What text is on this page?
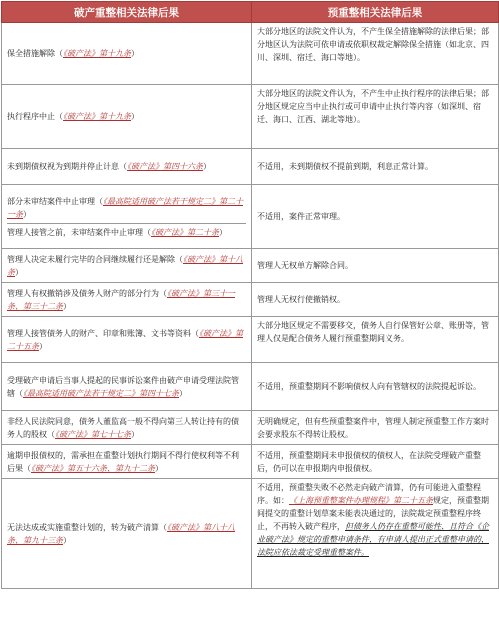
破产重整相关法律后果	预重整相关法律后果
保全措施解除（《破产法》第十九条）	大部分地区的法院文件认为，不产生保全措施解除的法律后果；部分地区认为法院可依申请或依职权裁定解除保全措施（如北京、四川、深圳、宿迁、海口等地）。
执行程序中止（《破产法》第十九条）	大部分地区的法院文件认为，不产生中止执行程序的法律后果；部分地区规定应当中止执行或可申请中止执行等内容（如深圳、宿迁、海口、江西、湖北等地）。
未到期债权视为到期并停止计息（《破产法》第四十六条）	不适用，未到期债权不提前到期，利息正常计算。

部分未审结案件中止审理（《最高院适用破产法若干规定二》第二十一条）
管理人接管之前，未审结案件中止审理（《破产法》第二十条）	不适用，案件正常审理。
管理人决定未履行完毕的合同继续履行还是解除（《破产法》第十八条）	管理人无权单方解除合同。
管理人有权撤销涉及债务人财产的部分行为（《破产法》第三十一条、第三十二条）	管理人无权行使撤销权。
管理人接管债务人的财产、印章和账簿、文书等资料（《破产法》第二十五条）	大部分地区规定不需要移交，债务人自行保管好公章、账册等，管理人仅是配合债务人履行预重整期间义务。
受理破产申请后当事人提起的民事诉讼案件由破产申请受理法院管辖（《最高院适用破产法若干规定二》第四十七条）	不适用，预重整期间不影响债权人向有管辖权的法院提起诉讼。
非经人民法院同意，债务人董监高一般不得向第三人转让持有的债务人的股权（《破产法》第七十七条）	无明确规定，但有些预重整案件中，管理人制定预重整工作方案时会要求股东不得转让股权。
逾期申报债权的，需承担在重整计划执行期间不得行使权利等不利后果（《破产法》第五十六条、第九十二条）	不适用，预重整期间未申报债权的债权人，在法院受理破产重整后，仍可以在申报期内申报债权。
无法达成或实施重整计划的，转为破产清算（《破产法》第八十八条、第九十三条）	不适用，预重整失败不必然走向破产清算，仍有可能进入重整程序。如：《上海预重整案件办理规程》第二十五条规定，预重整期间提交的重整计划草案未能表决通过的，法院裁定预重整程序终止，不再转入破产程序，但债务人仍存在重整可能性、且符合《企业破产法》规定的重整申请条件，有申请人提出正式重整申请的，法院应依法裁定受理重整案件。
